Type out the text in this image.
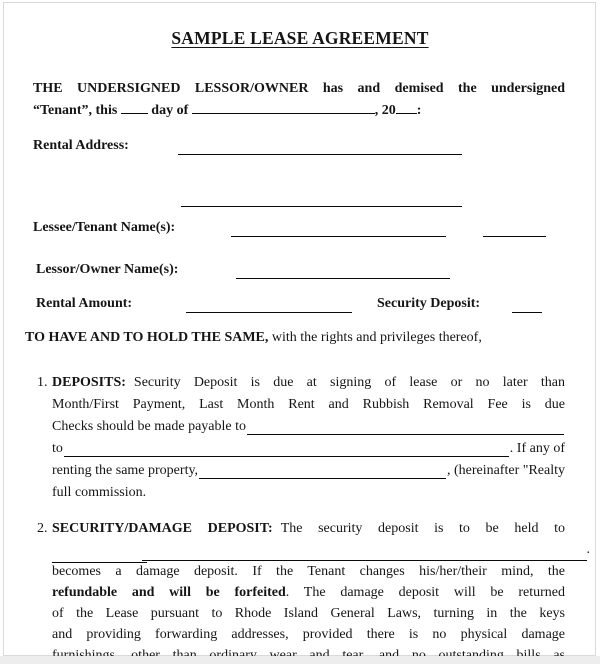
SAMPLE LEASE AGREEMENT
THE UNDERSIGNED LESSOR/OWNER has and demised the undersigned
“Tenant”, this day of	, 20 :
Rental Address:
Lessee/Tenant Name(s):
Lessor/Owner Name(s):
Rental Amount:	Security Deposit:
TO HAVE AND TO HOLD THE SAME, with the rights and privileges thereof,
1. DEPOSITS: Security Deposit is due at signing of lease or no later than
Month/First Payment, Last Month Rent and Rubbish Removal Fee is due
Checks should be made payable to
to	. If any of
renting the same property,	, (hereinafter "Realty
full commission.
2. SECURITY/DAMAGE DEPOSIT: The security deposit is to be held to
.
becomes a damage deposit. If the Tenant changes his/her/their mind, the
refundable and will be forfeited. The damage deposit will be returned
of the Lease pursuant to Rhode Island General Laws, turning in the keys
and providing forwarding addresses, provided there is no physical damage
